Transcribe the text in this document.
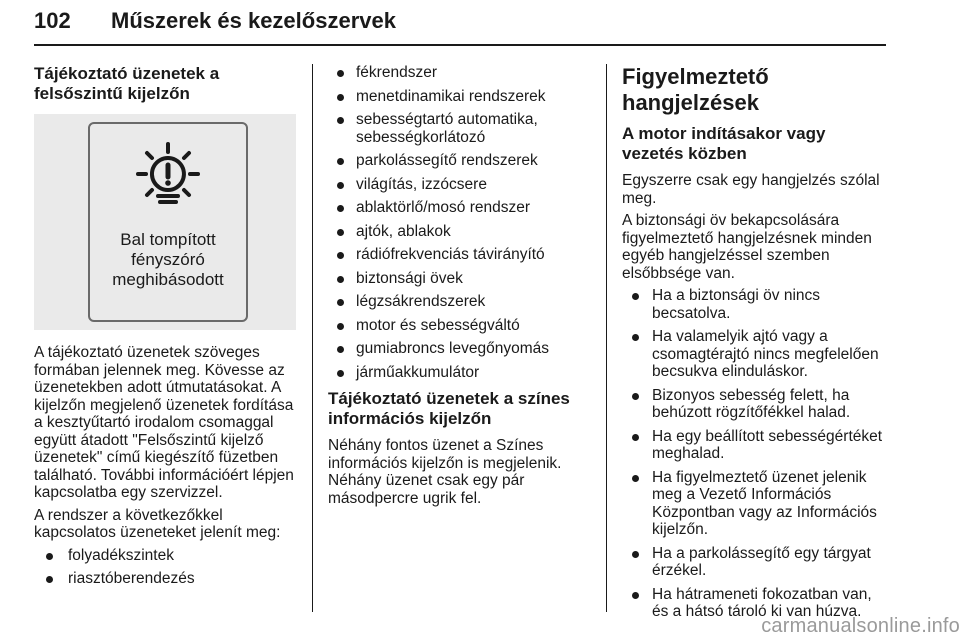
102 Műszerek és kezelőszervek
Tájékoztató üzenetek a felsőszintű kijelzőn
Bal tompított fényszóró meghibásodott

A tájékoztató üzenetek szöveges formában jelennek meg. Kövesse az üzenetekben adott útmutatásokat. A kijelzőn megjelenő üzenetek fordítása a kesztyűtartó irodalom csomaggal együtt átadott "Felsőszintű kijelző üzenetek" című kiegészítő füzetben található. További információért lépjen kapcsolatba egy szervizzel.

A rendszer a következőkkel kapcsolatos üzeneteket jelenít meg:

folyadékszintek
riasztóberendezés
fékrendszer
menetdinamikai rendszerek
sebességtartó automatika, sebességkorlátozó
parkolássegítő rendszerek
világítás, izzócsere
ablaktörlő/mosó rendszer
ajtók, ablakok
rádiófrekvenciás távirányító
biztonsági övek
légzsákrendszerek
motor és sebességváltó
gumiabroncs levegőnyomás
járműakkumulátor
Tájékoztató üzenetek a színes információs kijelzőn

Néhány fontos üzenet a Színes információs kijelzőn is megjelenik. Néhány üzenet csak egy pár másodpercre ugrik fel.

Figyelmeztető hangjelzések
A motor indításakor vagy vezetés közben

Egyszerre csak egy hangjelzés szólal meg.

A biztonsági öv bekapcsolására figyelmeztető hangjelzésnek minden egyéb hangjelzéssel szemben elsőbbsége van.

Ha a biztonsági öv nincs becsatolva.
Ha valamelyik ajtó vagy a csomagtérajtó nincs megfelelően becsukva elinduláskor.
Bizonyos sebesség felett, ha behúzott rögzítőfékkel halad.
Ha egy beállított sebességértéket meghalad.
Ha figyelmeztető üzenet jelenik meg a Vezető Információs Központban vagy az Információs kijelzőn.
Ha a parkolássegítő egy tárgyat érzékel.
Ha hátrameneti fokozatban van, és a hátsó tároló ki van húzva.
carmanualsonline.info
